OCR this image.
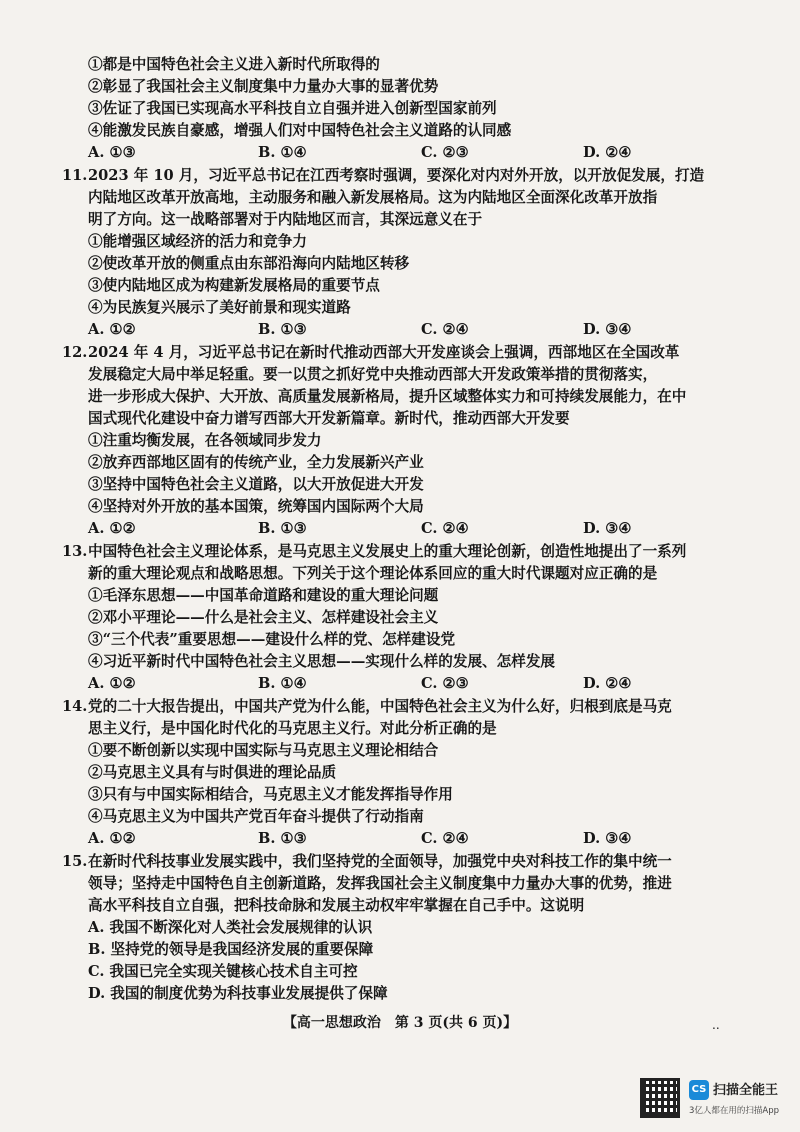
①都是中国特色社会主义进入新时代所取得的
②彰显了我国社会主义制度集中力量办大事的显著优势
③佐证了我国已实现高水平科技自立自强并进入创新型国家前列
④能激发民族自豪感，增强人们对中国特色社会主义道路的认同感
A. ①③	B. ①④	C. ②③	D. ②④
11. 2023 年 10 月，习近平总书记在江西考察时强调，要深化对内对外开放，以开放促发展，打造
内陆地区改革开放高地，主动服务和融入新发展格局。这为内陆地区全面深化改革开放指
明了方向。这一战略部署对于内陆地区而言，其深远意义在于
①能增强区域经济的活力和竞争力
②使改革开放的侧重点由东部沿海向内陆地区转移
③使内陆地区成为构建新发展格局的重要节点
④为民族复兴展示了美好前景和现实道路
A. ①②	B. ①③	C. ②④	D. ③④
12. 2024 年 4 月，习近平总书记在新时代推动西部大开发座谈会上强调，西部地区在全国改革
发展稳定大局中举足轻重。要一以贯之抓好党中央推动西部大开发政策举措的贯彻落实，
进一步形成大保护、大开放、高质量发展新格局，提升区域整体实力和可持续发展能力，在中
国式现代化建设中奋力谱写西部大开发新篇章。新时代，推动西部大开发要
①注重均衡发展，在各领域同步发力
②放弃西部地区固有的传统产业，全力发展新兴产业
③坚持中国特色社会主义道路，以大开放促进大开发
④坚持对外开放的基本国策，统筹国内国际两个大局
A. ①②	B. ①③	C. ②④	D. ③④
13. 中国特色社会主义理论体系，是马克思主义发展史上的重大理论创新，创造性地提出了一系列
新的重大理论观点和战略思想。下列关于这个理论体系回应的重大时代课题对应正确的是
①毛泽东思想——中国革命道路和建设的重大理论问题
②邓小平理论——什么是社会主义、怎样建设社会主义
③“三个代表”重要思想——建设什么样的党、怎样建设党
④习近平新时代中国特色社会主义思想——实现什么样的发展、怎样发展
A. ①②	B. ①④	C. ②③	D. ②④
14. 党的二十大报告提出，中国共产党为什么能，中国特色社会主义为什么好，归根到底是马克
思主义行，是中国化时代化的马克思主义行。对此分析正确的是
①要不断创新以实现中国实际与马克思主义理论相结合
②马克思主义具有与时俱进的理论品质
③只有与中国实际相结合，马克思主义才能发挥指导作用
④马克思主义为中国共产党百年奋斗提供了行动指南
A. ①②	B. ①③	C. ②④	D. ③④
15. 在新时代科技事业发展实践中，我们坚持党的全面领导，加强党中央对科技工作的集中统一
领导；坚持走中国特色自主创新道路，发挥我国社会主义制度集中力量办大事的优势，推进
高水平科技自立自强，把科技命脉和发展主动权牢牢掌握在自己手中。这说明
A. 我国不断深化对人类社会发展规律的认识
B. 坚持党的领导是我国经济发展的重要保障
C. 我国已完全实现关键核心技术自主可控
D. 我国的制度优势为科技事业发展提供了保障
【高一思想政治　第 3 页(共 6 页)】	..
CS 扫描全能王
3亿人都在用的扫描App
